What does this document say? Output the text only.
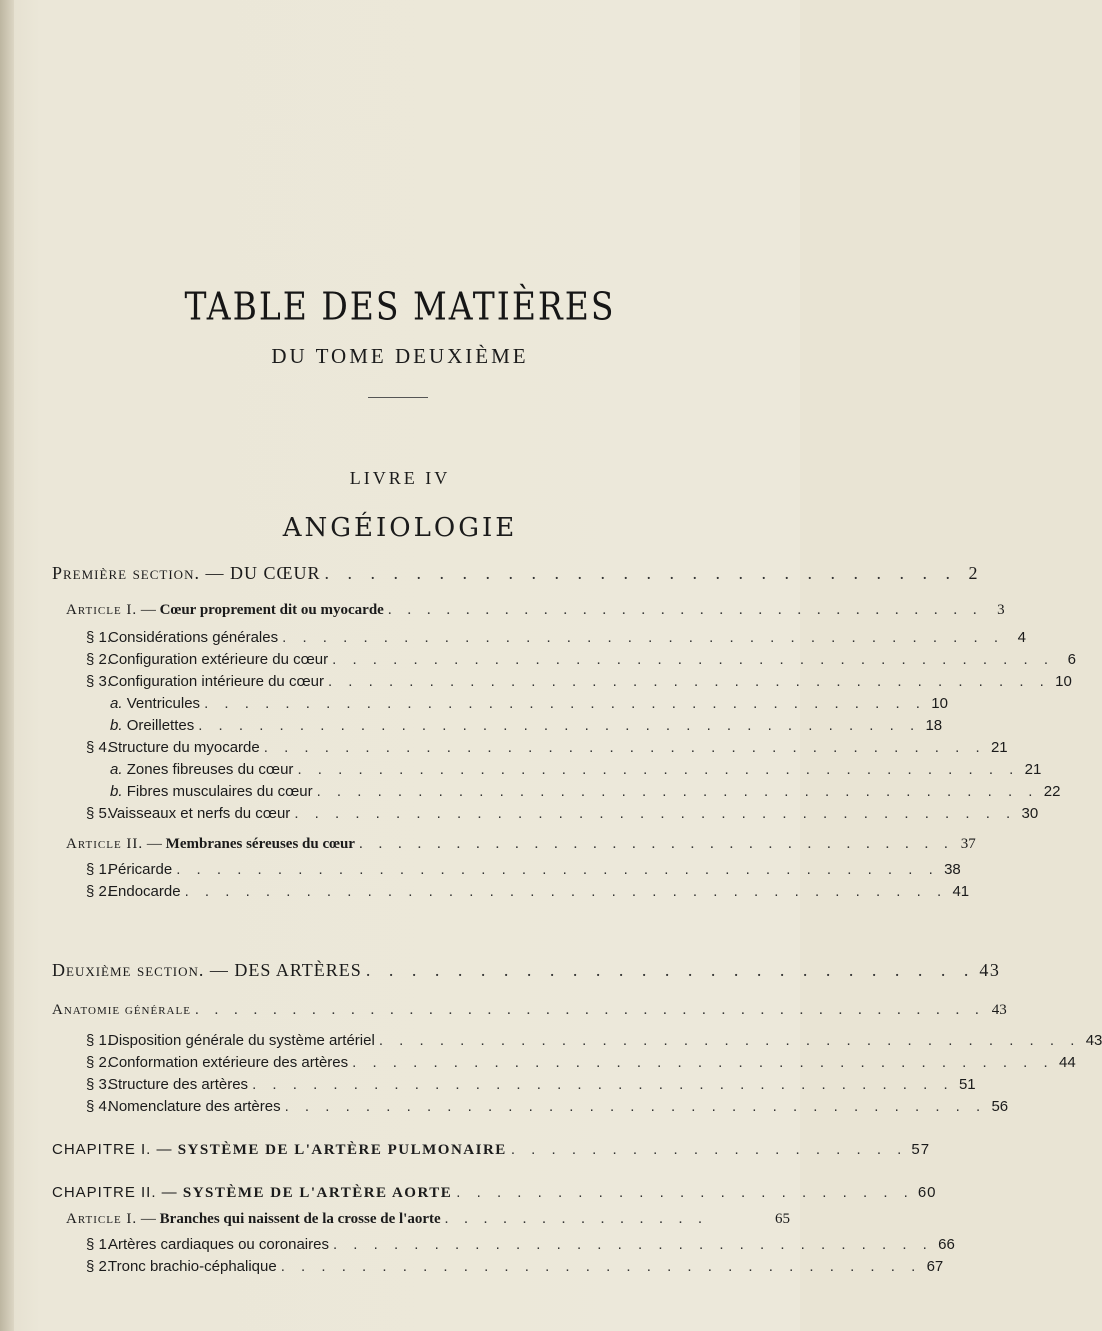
TABLE DES MATIÈRES
DU TOME DEUXIÈME
LIVRE IV
ANGÉIOLOGIE
Première section. — DU CŒUR . . . . . . . . . . . . . . . . . . . . . . . . . . . . 2
Article I. — Cœur proprement dit ou myocarde . . . . . . . . . . . . . . . . . . . . . . . . . . . . . . . 3
§ 1.Considérations générales . . . . . . . . . . . . . . . . . . . . . . . . . . . . . . . . . . . . 4
§ 2.Configuration extérieure du cœur . . . . . . . . . . . . . . . . . . . . . . . . . . . . . . . . . . . . 6
§ 3.Configuration intérieure du cœur . . . . . . . . . . . . . . . . . . . . . . . . . . . . . . . . . . . . 10
a. Ventricules . . . . . . . . . . . . . . . . . . . . . . . . . . . . . . . . . . . . 10
b. Oreillettes . . . . . . . . . . . . . . . . . . . . . . . . . . . . . . . . . . . . 18
§ 4.Structure du myocarde . . . . . . . . . . . . . . . . . . . . . . . . . . . . . . . . . . . . 21
a. Zones fibreuses du cœur . . . . . . . . . . . . . . . . . . . . . . . . . . . . . . . . . . . . 21
b. Fibres musculaires du cœur . . . . . . . . . . . . . . . . . . . . . . . . . . . . . . . . . . . . 22
§ 5.Vaisseaux et nerfs du cœur . . . . . . . . . . . . . . . . . . . . . . . . . . . . . . . . . . . . 30
Article II. — Membranes séreuses du cœur . . . . . . . . . . . . . . . . . . . . . . . . . . . . . . . 37
§ 1.Péricarde . . . . . . . . . . . . . . . . . . . . . . . . . . . . . . . . . . . . . . 38
§ 2.Endocarde . . . . . . . . . . . . . . . . . . . . . . . . . . . . . . . . . . . . . . 41
Deuxième section. — DES ARTÈRES . . . . . . . . . . . . . . . . . . . . . . . . . . . 43
Anatomie générale . . . . . . . . . . . . . . . . . . . . . . . . . . . . . . . . . . . . . . . . . 43
§ 1.Disposition générale du système artériel . . . . . . . . . . . . . . . . . . . . . . . . . . . . . . . . . . . 43
§ 2.Conformation extérieure des artères . . . . . . . . . . . . . . . . . . . . . . . . . . . . . . . . . . . 44
§ 3.Structure des artères . . . . . . . . . . . . . . . . . . . . . . . . . . . . . . . . . . . 51
§ 4.Nomenclature des artères . . . . . . . . . . . . . . . . . . . . . . . . . . . . . . . . . . . 56
CHAPITRE I. — SYSTÈME DE L'ARTÈRE PULMONAIRE . . . . . . . . . . . . . . . . . . . . 57
CHAPITRE II. — SYSTÈME DE L'ARTÈRE AORTE . . . . . . . . . . . . . . . . . . . . . . . 60
Article I. — Branches qui naissent de la crosse de l'aorte . . . . . . . . . . . . . .	65
§ 1.Artères cardiaques ou coronaires . . . . . . . . . . . . . . . . . . . . . . . . . . . . . . 66
§ 2.Tronc brachio-céphalique . . . . . . . . . . . . . . . . . . . . . . . . . . . . . . . . 67
